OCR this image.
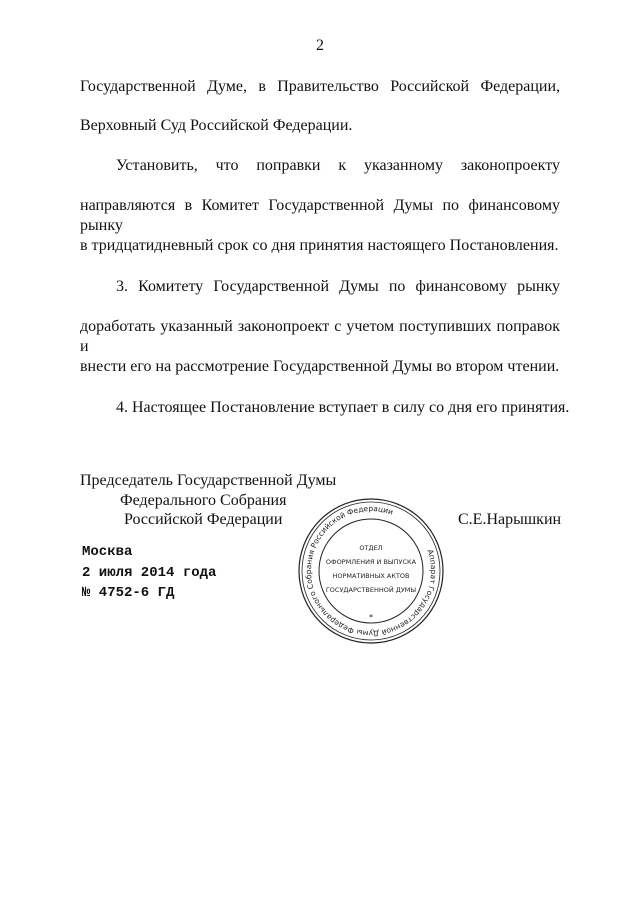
2
Государственной Думе, в Правительство Российской Федерации,
Верховный Суд Российской Федерации.
Установить, что поправки к указанному законопроекту
направляются в Комитет Государственной Думы по финансовому рынку
в тридцатидневный срок со дня принятия настоящего Постановления.
3. Комитету Государственной Думы по финансовому рынку
доработать указанный законопроект с учетом поступивших поправок и
внести его на рассмотрение Государственной Думы во втором чтении.
4. Настоящее Постановление вступает в силу со дня его принятия.
Председатель Государственной Думы
Федерального Собрания
Российской Федерации	С.Е.Нарышкин
Москва
2 июля 2014 года
№ 4752-6 ГД
Аппарат Государственной Думы Федерального Собрания Российской Федерации
ОТДЕЛ
ОФОРМЛЕНИЯ И ВЫПУСКА
НОРМАТИВНЫХ АКТОВ
ГОСУДАРСТВЕННОЙ ДУМЫ
*
